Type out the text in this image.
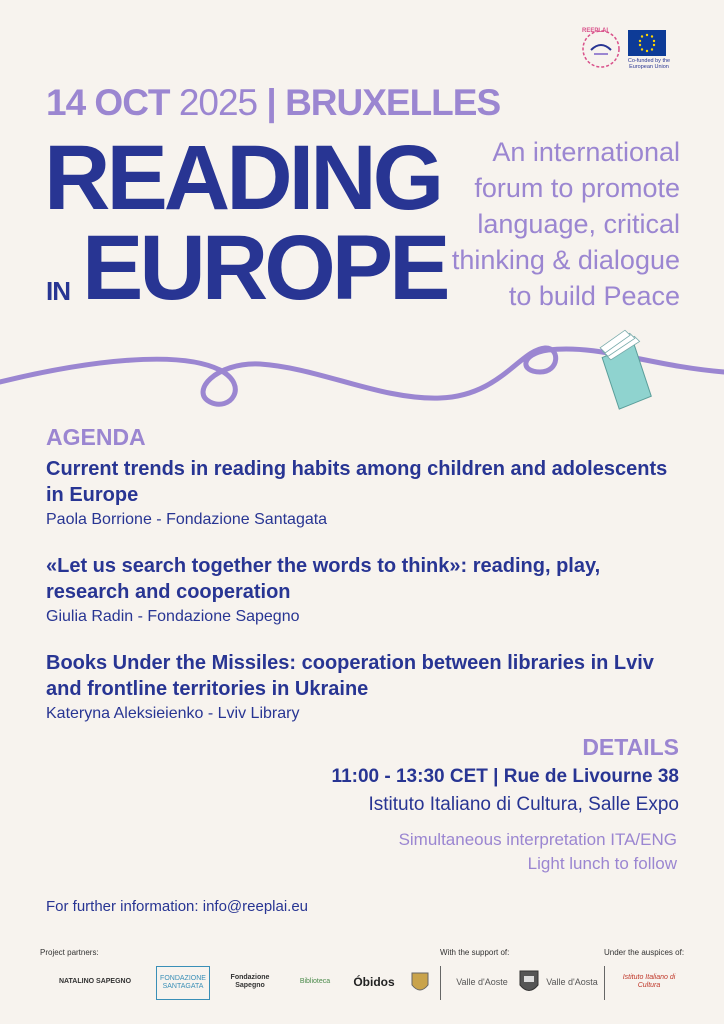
REEPLAI
Co-funded by the European Union
14 OCT 2025 | BRUXELLES
READING
IN EUROPE
An international
forum to promote
language, critical
thinking & dialogue
to build Peace
AGENDA
Current trends in reading habits among children and adolescents in Europe
Paola Borrione - Fondazione Santagata
«Let us search together the words to think»: reading, play, research and cooperation
Giulia Radin - Fondazione Sapegno
Books Under the Missiles: cooperation between libraries in Lviv and frontline territories in Ukraine
Kateryna Aleksieienko - Lviv Library
DETAILS
11:00 - 13:30 CET | Rue de Livourne 38
Istituto Italiano di Cultura, Salle Expo
Simultaneous interpretation ITA/ENG
Light lunch to follow
For further information: info@reeplai.eu
Project partners:	With the support of:	Under the auspices of:
NATALINO SAPEGNO	FONDAZIONE SANTAGATA
Fondazione Sapegno
Biblioteca	Óbidos	Valle d'Aoste	Valle d'Aosta	Istituto Italiano di Cultura
